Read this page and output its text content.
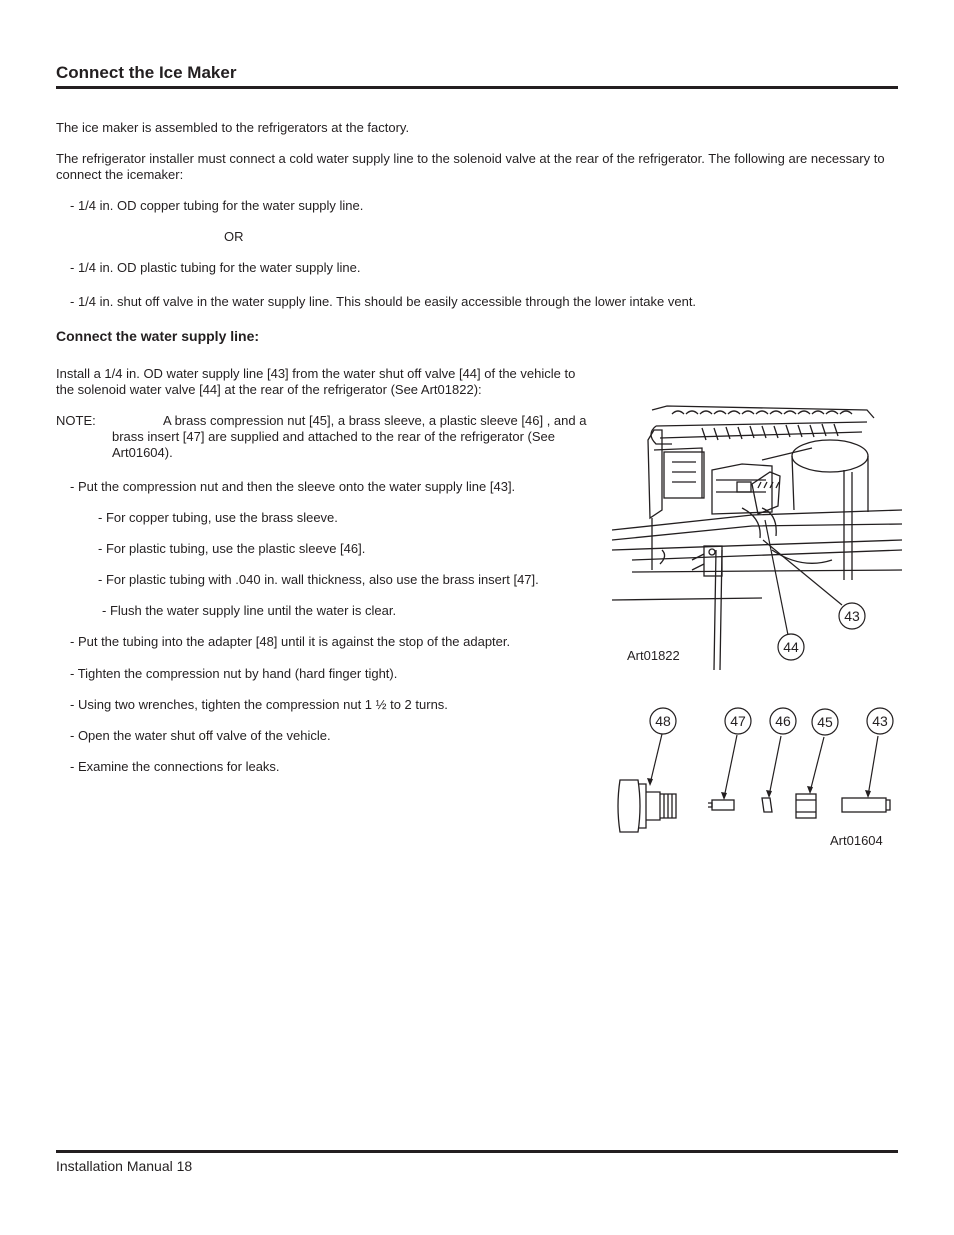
Connect the Ice Maker
The ice maker is assembled to the refrigerators at the factory.
The refrigerator installer must connect a cold water supply line to the solenoid valve at the rear of the refrigerator. The following are necessary to connect the icemaker:
- 1/4 in. OD copper tubing for the water supply line.
OR
- 1/4 in. OD plastic tubing for the water supply line.
- 1/4 in. shut off valve in the water supply line. This should be easily accessible through the lower intake vent.
Connect the water supply line:
Install a 1/4 in. OD water supply line [43] from the water shut off valve [44] of the vehicle to the solenoid water valve [44] at the rear of the refrigerator (See Art01822):
NOTE:	A brass compression nut [45], a brass sleeve, a plastic sleeve [46] , and a brass insert [47] are supplied and attached to the rear of the refrigerator (See Art01604).
- Put the compression nut and then the sleeve onto the water supply line [43].
- For copper tubing, use the brass sleeve.
- For plastic tubing, use the plastic sleeve [46].
- For plastic tubing with .040 in. wall thickness, also use the brass insert [47].
- Flush the water supply line until the water is clear.
- Put the tubing into the adapter [48] until it is against the stop of the adapter.
- Tighten the compression nut by hand (hard finger tight).
- Using two wrenches, tighten the compression nut 1 ½ to 2 turns.
- Open the water shut off valve of the vehicle.
- Examine the connections for leaks.
43
44
Art01822
48	47 46 45	43
Art01604
Installation Manual 18
